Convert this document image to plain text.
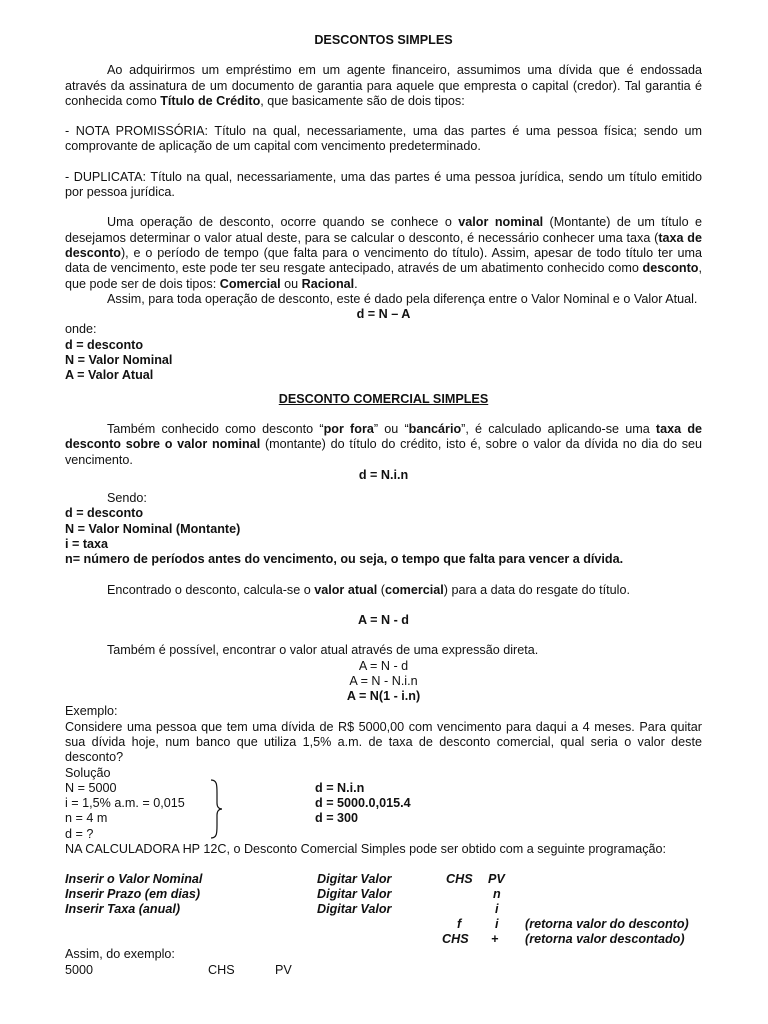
DESCONTOS SIMPLES

Ao adquirirmos um empréstimo em um agente financeiro, assumimos uma dívida que é endossada através da assinatura de um documento de garantia para aquele que empresta o capital (credor). Tal garantia é conhecida como Título de Crédito, que basicamente são de dois tipos:

- NOTA PROMISSÓRIA: Título na qual, necessariamente, uma das partes é uma pessoa física; sendo um comprovante de aplicação de um capital com vencimento predeterminado.

- DUPLICATA: Título na qual, necessariamente, uma das partes é uma pessoa jurídica, sendo um título emitido por pessoa jurídica.

Uma operação de desconto, ocorre quando se conhece o valor nominal (Montante) de um título e desejamos determinar o valor atual deste, para se calcular o desconto, é necessário conhecer uma taxa (taxa de desconto), e o período de tempo (que falta para o vencimento do título). Assim, apesar de todo título ter uma data de vencimento, este pode ter seu resgate antecipado, através de um abatimento conhecido como desconto, que pode ser de dois tipos: Comercial ou Racional.

Assim, para toda operação de desconto, este é dado pela diferença entre o Valor Nominal e o Valor Atual.

d = N – A

onde:

d = desconto

N = Valor Nominal

A = Valor Atual

DESCONTO COMERCIAL SIMPLES

Também conhecido como desconto “por fora” ou “bancário”, é calculado aplicando-se uma taxa de desconto sobre o valor nominal (montante) do título do crédito, isto é, sobre o valor da dívida no dia do seu vencimento.

d = N.i.n

Sendo:

d = desconto

N = Valor Nominal (Montante)

i = taxa

n= número de períodos antes do vencimento, ou seja, o tempo que falta para vencer a dívida.

Encontrado o desconto, calcula-se o valor atual (comercial) para a data do resgate do título.

A = N - d

Também é possível, encontrar o valor atual através de uma expressão direta.

A = N - d

A = N - N.i.n

A = N(1 - i.n)

Exemplo:

Considere uma pessoa que tem uma dívida de R$ 5000,00 com vencimento para daqui a 4 meses. Para quitar sua dívida hoje, num banco que utiliza 1,5% a.m. de taxa de desconto comercial, qual seria o valor deste desconto?

Solução

N = 5000	d = N.i.n
i = 1,5% a.m. = 0,015	d = 5000.0,015.4
n = 4 m	d = 300
d = ?

NA CALCULADORA HP 12C, o Desconto Comercial Simples pode ser obtido com a seguinte programação:

Inserir o Valor Nominal	Digitar Valor	CHS PV
Inserir Prazo (em dias)	Digitar Valor	n
Inserir Taxa (anual)	Digitar Valor	i
f	i (retorna valor do desconto)
CHS + (retorna valor descontado)

Assim, do exemplo:

5000	CHS	PV
